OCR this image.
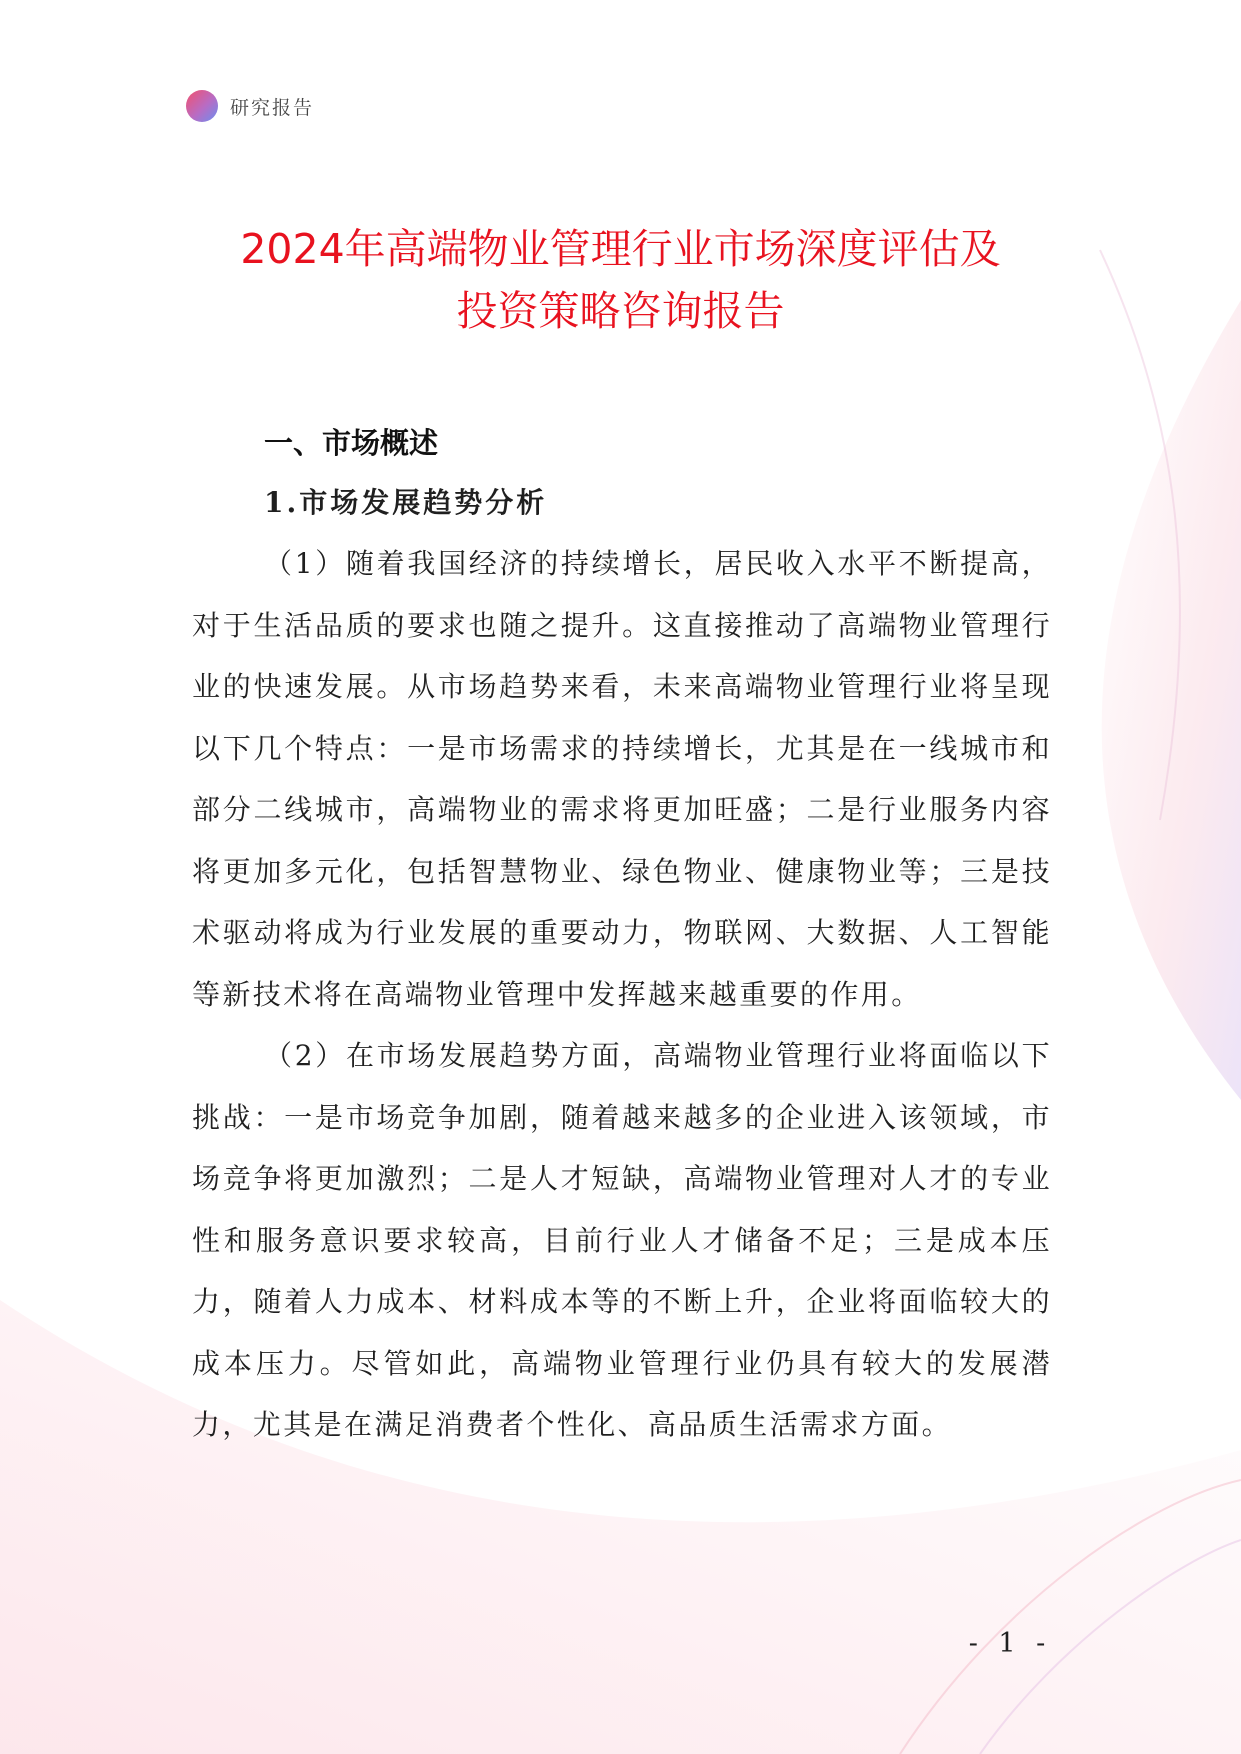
研究报告
2024年高端物业管理行业市场深度评估及
投资策略咨询报告
一、市场概述
1.市场发展趋势分析

（1）随着我国经济的持续增长，居民收入水平不断提高，对于生活品质的要求也随之提升。这直接推动了高端物业管理行业的快速发展。从市场趋势来看，未来高端物业管理行业将呈现以下几个特点：一是市场需求的持续增长，尤其是在一线城市和部分二线城市，高端物业的需求将更加旺盛；二是行业服务内容将更加多元化，包括智慧物业、绿色物业、健康物业等；三是技术驱动将成为行业发展的重要动力，物联网、大数据、人工智能等新技术将在高端物业管理中发挥越来越重要的作用。

（2）在市场发展趋势方面，高端物业管理行业将面临以下挑战：一是市场竞争加剧，随着越来越多的企业进入该领域，市场竞争将更加激烈；二是人才短缺，高端物业管理对人才的专业性和服务意识要求较高，目前行业人才储备不足；三是成本压力，随着人力成本、材料成本等的不断上升，企业将面临较大的成本压力。尽管如此，高端物业管理行业仍具有较大的发展潜力，尤其是在满足消费者个性化、高品质生活需求方面。

- 1 -
